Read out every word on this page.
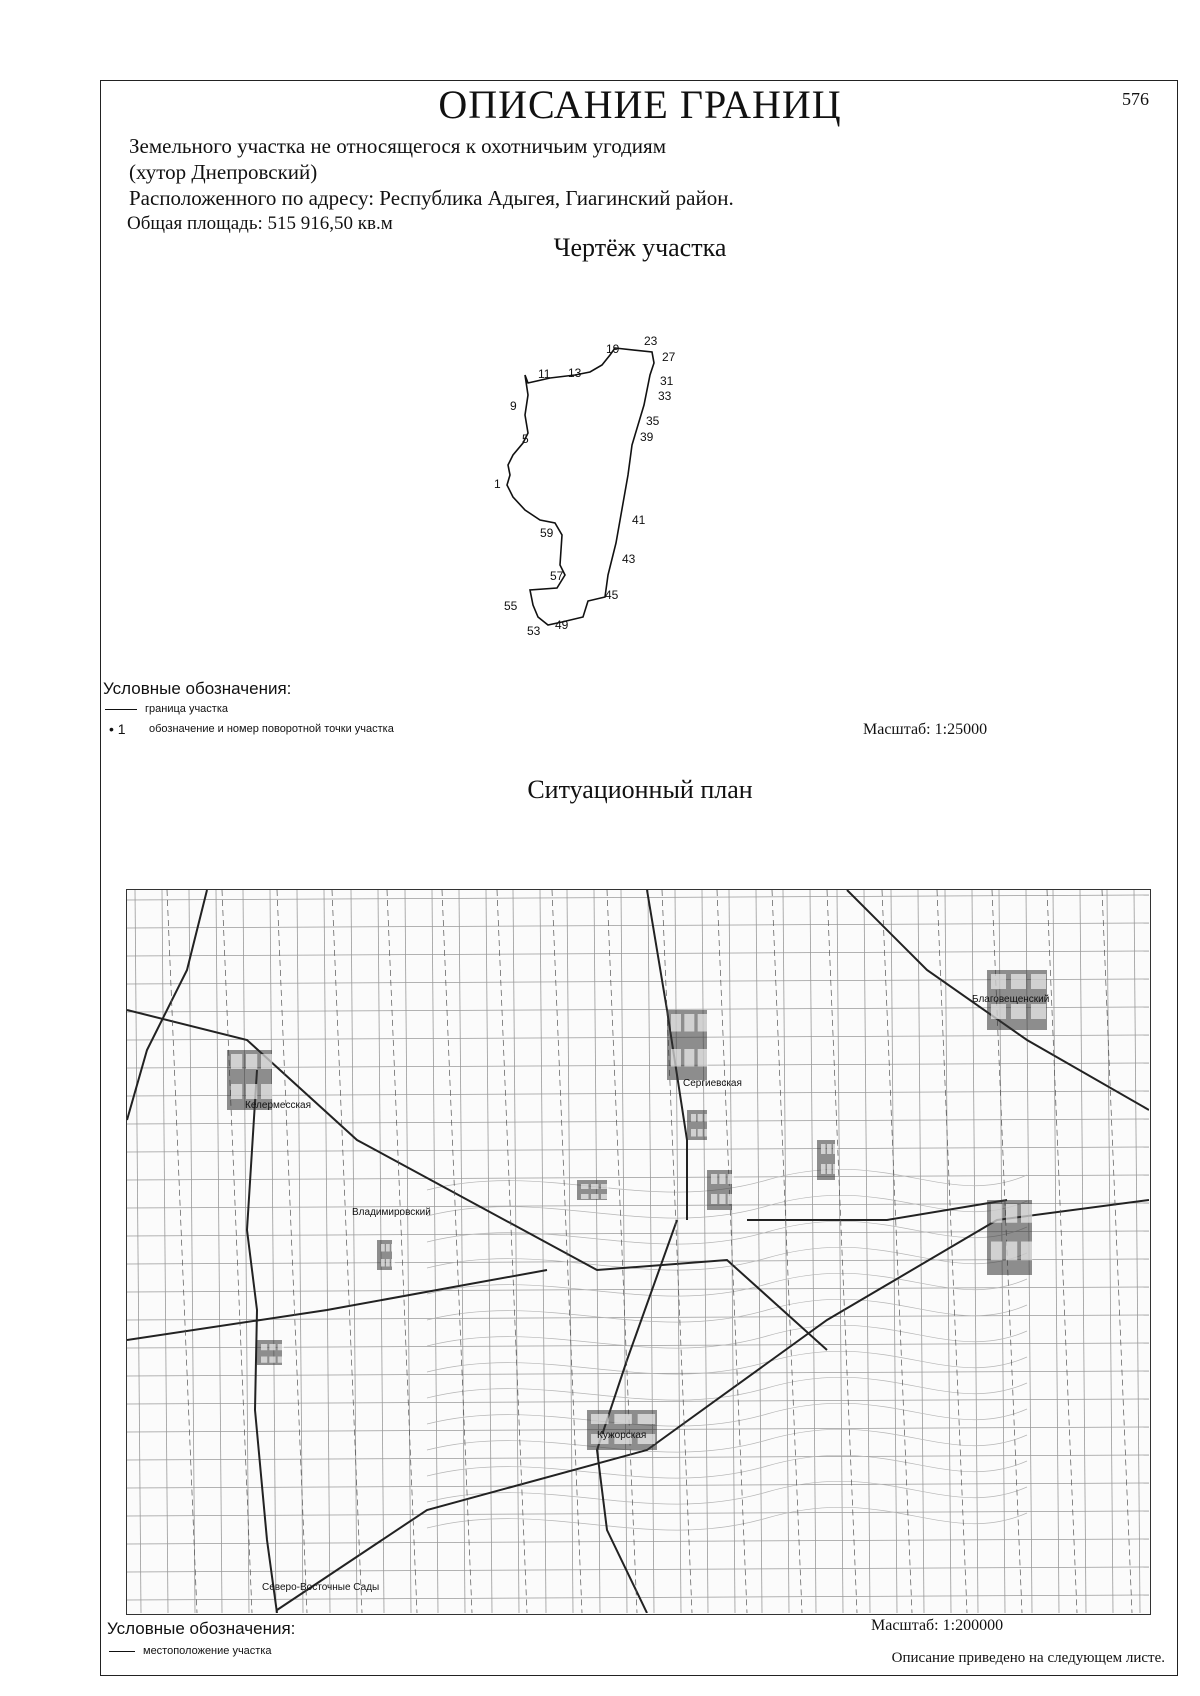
576
ОПИСАНИЕ ГРАНИЦ
Земельного участка не относящегося к охотничьим угодиям
(хутор Днепровский)
Расположенного по адресу: Республика Адыгея, Гиагинский район.
Общая площадь: 515 916,50 кв.м
Чертёж участка
Условные обозначения:
граница участка
• 1	обозначение и номер поворотной точки участка	Масштаб: 1:25000
Ситуационный план
Келермесская
Сергиевская
Кужорская
Северо-Восточные Сады
Благовещенский
Владимировский
Условные обозначения:	Масштаб: 1:200000
местоположение участка	Описание приведено на следующем листе.
1
5
9
11 13
19
23
27
31
33
35
39
41
43
45
49
53
55
57
59
